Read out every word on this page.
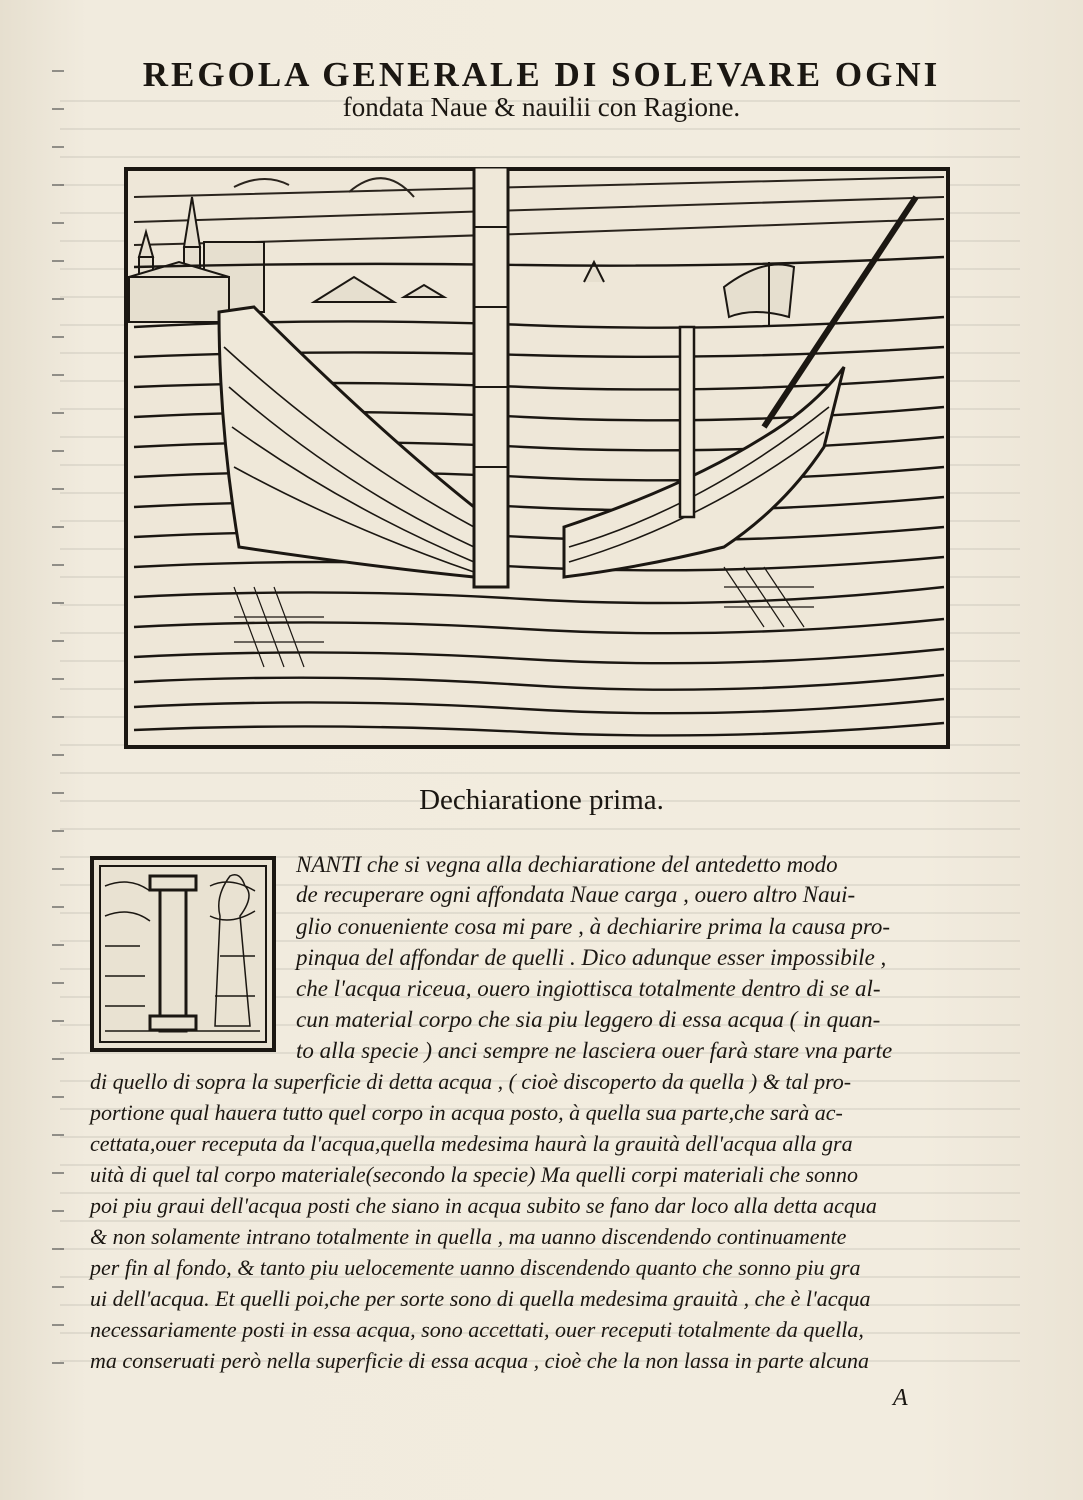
REGOLA GENERALE DI SOLEVARE OGNI
fondata Naue & nauilii con Ragione.
Dechiaratione prima.
NANTI che si vegna alla dechiaratione del antedetto modo
de recuperare ogni affondata Naue carga , ouero altro Naui-
glio conueniente cosa mi pare , à dechiarire prima la causa pro-
pinqua del affondar de quelli . Dico adunque esser impossibile ,
che l'acqua riceua, ouero ingiottisca totalmente dentro di se al-
cun material corpo che sia piu leggero di essa acqua ( in quan-
to alla specie ) anci sempre ne lasciera ouer farà stare vna parte
di quello di sopra la superficie di detta acqua , ( cioè discoperto da quella ) & tal pro-
portione qual hauera tutto quel corpo in acqua posto, à quella sua parte,che sarà ac-
cettata,ouer receputa da l'acqua,quella medesima haurà la grauità dell'acqua alla gra
uità di quel tal corpo materiale(secondo la specie) Ma quelli corpi materiali che sonno
poi piu graui dell'acqua posti che siano in acqua subito se fano dar loco alla detta acqua
& non solamente intrano totalmente in quella , ma uanno discendendo continuamente
per fin al fondo, & tanto piu uelocemente uanno discendendo quanto che sonno piu gra
ui dell'acqua. Et quelli poi,che per sorte sono di quella medesima grauità , che è l'acqua
necessariamente posti in essa acqua, sono accettati, ouer receputi totalmente da quella,
ma conseruati però nella superficie di essa acqua , cioè che la non lassa in parte alcuna
A
